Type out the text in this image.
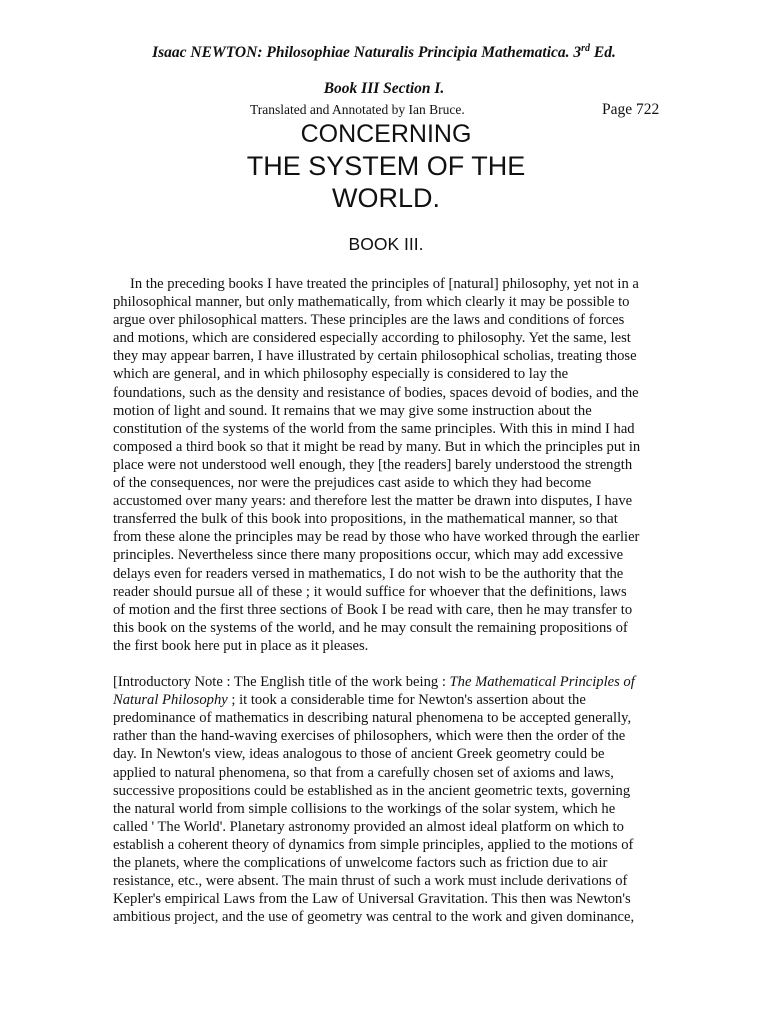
Isaac NEWTON: Philosophiae Naturalis Principia Mathematica. 3rd Ed.
Book III Section I.
Translated and Annotated by Ian Bruce.	Page 722
CONCERNING
THE SYSTEM OF THE
WORLD.
BOOK III.
In the preceding books I have treated the principles of [natural] philosophy, yet not in a
philosophical manner, but only mathematically, from which clearly it may be possible to
argue over philosophical matters. These principles are the laws and conditions of forces
and motions, which are considered especially according to philosophy. Yet the same, lest
they may appear barren, I have illustrated by certain philosophical scholias, treating those
which are general, and in which philosophy especially is considered to lay the
foundations, such as the density and resistance of bodies, spaces devoid of bodies, and the
motion of light and sound. It remains that we may give some instruction about the
constitution of the systems of the world from the same principles. With this in mind I had
composed a third book so that it might be read by many. But in which the principles put in
place were not understood well enough, they [the readers] barely understood the strength
of the consequences, nor were the prejudices cast aside to which they had become
accustomed over many years: and therefore lest the matter be drawn into disputes, I have
transferred the bulk of this book into propositions, in the mathematical manner, so that
from these alone the principles may be read by those who have worked through the earlier
principles. Nevertheless since there many propositions occur, which may add excessive
delays even for readers versed in mathematics, I do not wish to be the authority that the
reader should pursue all of these ; it would suffice for whoever that the definitions, laws
of motion and the first three sections of Book I be read with care, then he may transfer to
this book on the systems of the world, and he may consult the remaining propositions of
the first book here put in place as it pleases.
[Introductory Note : The English title of the work being : The Mathematical Principles of
Natural Philosophy ; it took a considerable time for Newton's assertion about the
predominance of mathematics in describing natural phenomena to be accepted generally,
rather than the hand-waving exercises of philosophers, which were then the order of the
day. In Newton's view, ideas analogous to those of ancient Greek geometry could be
applied to natural phenomena, so that from a carefully chosen set of axioms and laws,
successive propositions could be established as in the ancient geometric texts, governing
the natural world from simple collisions to the workings of the solar system, which he
called ' The World'. Planetary astronomy provided an almost ideal platform on which to
establish a coherent theory of dynamics from simple principles, applied to the motions of
the planets, where the complications of unwelcome factors such as friction due to air
resistance, etc., were absent. The main thrust of such a work must include derivations of
Kepler's empirical Laws from the Law of Universal Gravitation. This then was Newton's
ambitious project, and the use of geometry was central to the work and given dominance,
